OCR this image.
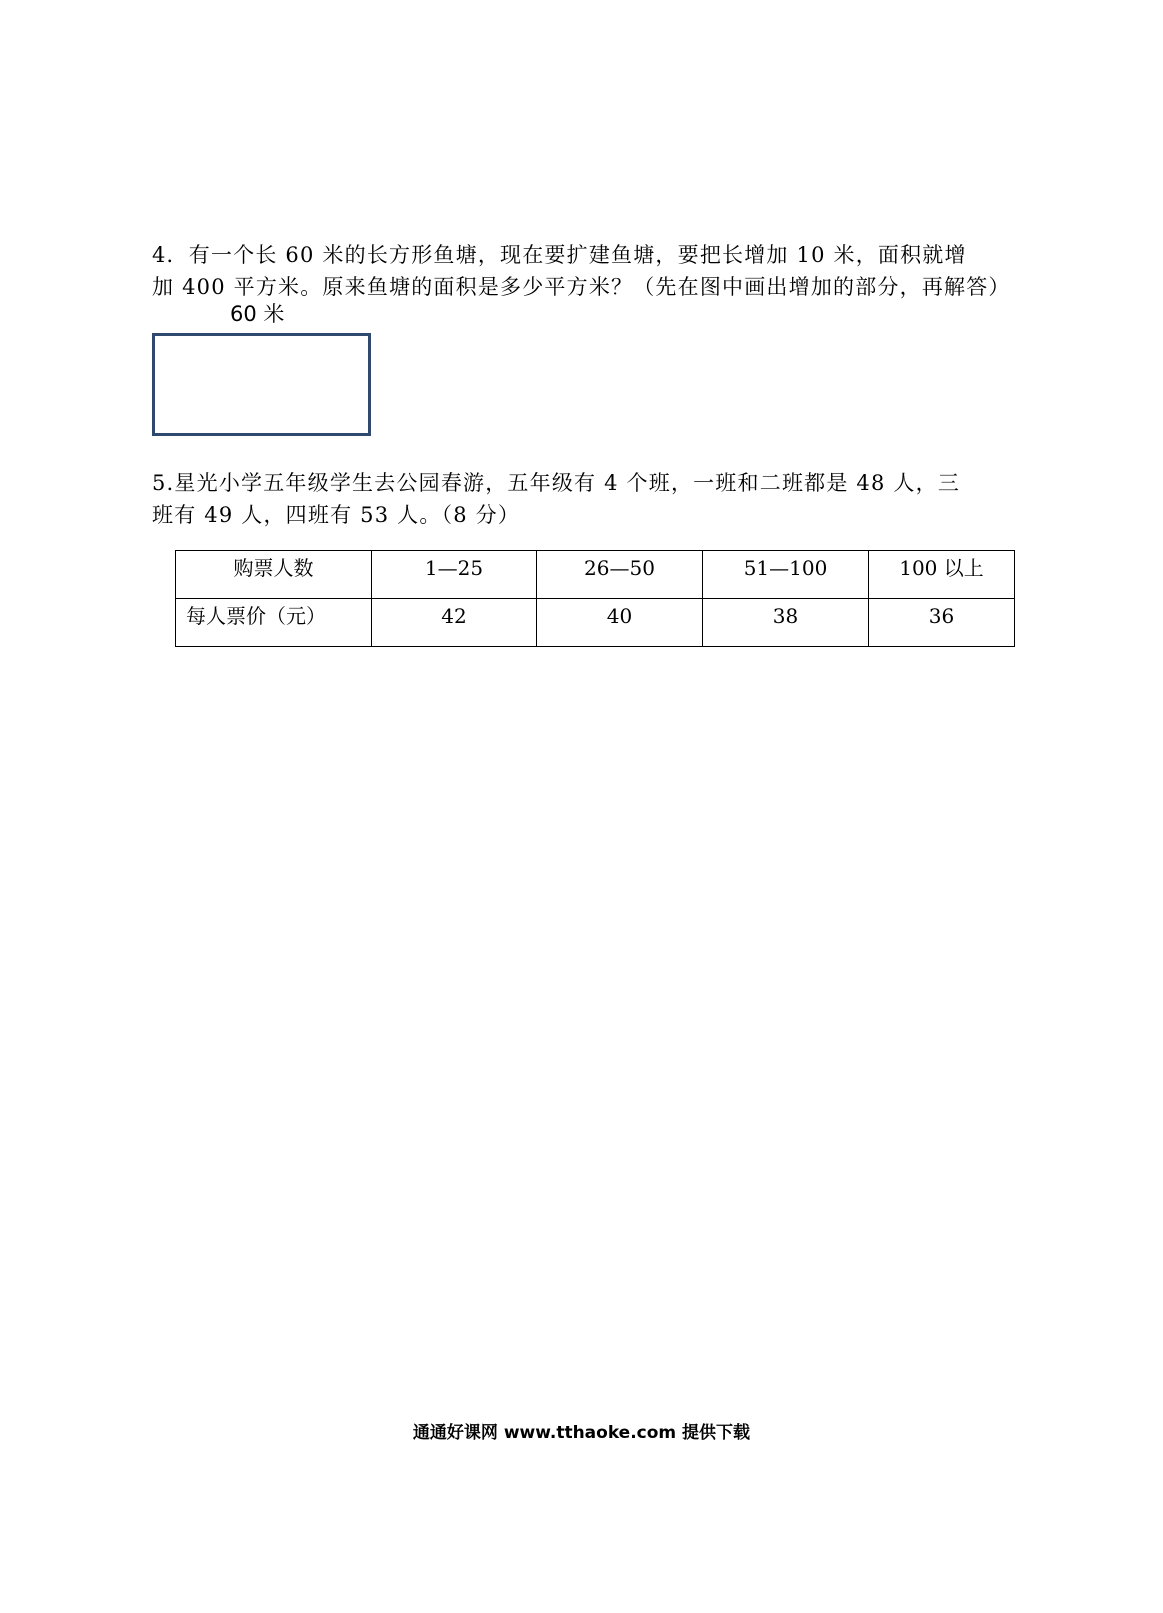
4．有一个长 60 米的长方形鱼塘，现在要扩建鱼塘，要把长增加 10 米，面积就增
加 400 平方米。原来鱼塘的面积是多少平方米？（先在图中画出增加的部分，再解答）
60 米
5.星光小学五年级学生去公园春游，五年级有 4 个班，一班和二班都是 48 人，三
班有 49 人，四班有 53 人。（8 分）
购票人数	1—25	26—50	51—100	100 以上
每人票价（元）	42	40	38	36
通通好课网 www.tthaoke.com 提供下载
